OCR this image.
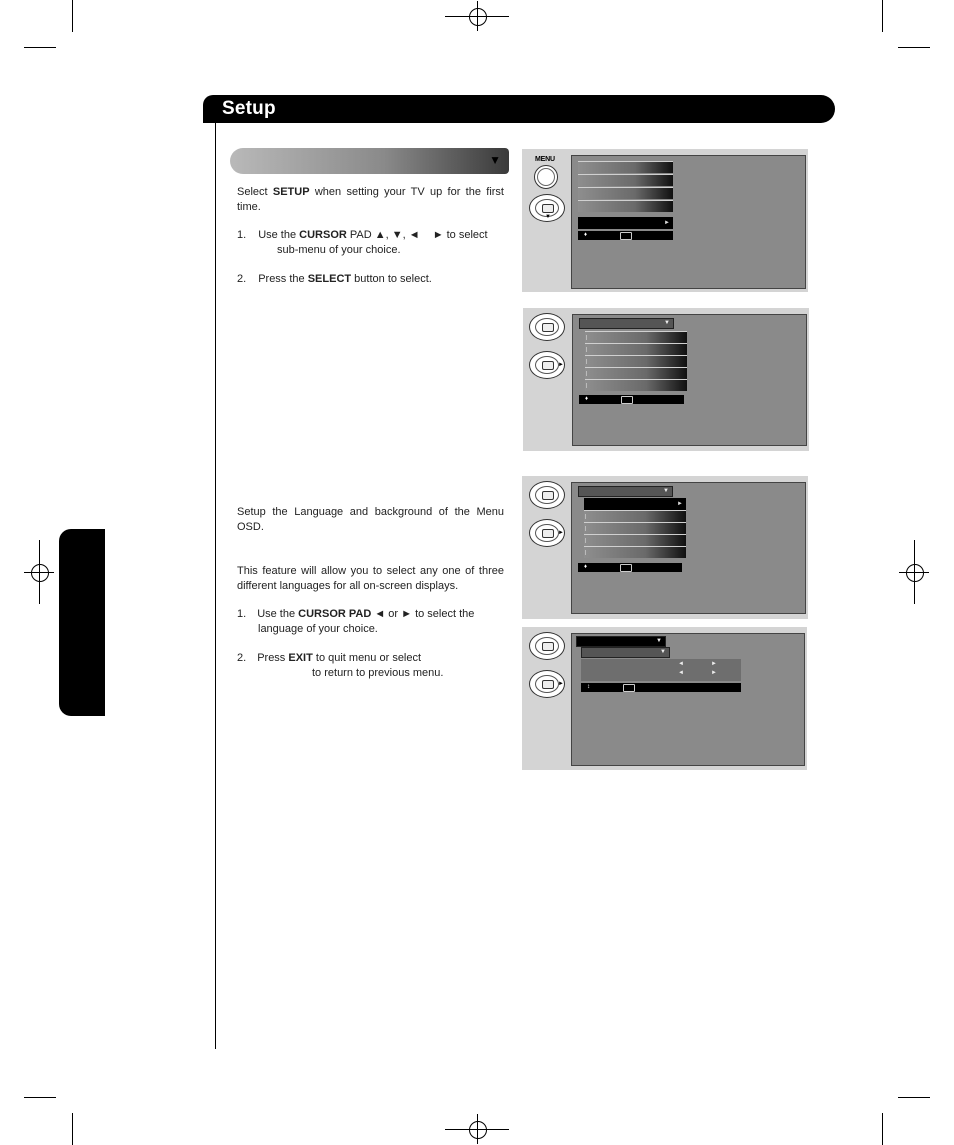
Setup
▼
Select SETUP when setting your TV up for the first time.
1. Use the CURSOR PAD ▲, ▼, ◄ ► to select
sub-menu of your choice.
2. Press the SELECT button to select.
Setup the Language and background of the Menu OSD.
This feature will allow you to select any one of three different languages for all on-screen displays.
1. Use the CURSOR PAD ◄ or ► to select the
language of your choice.
2. Press EXIT to quit menu or select
to return to previous menu.
MENU
▼
►
♦
►
▼
♦
►
▼
►
♦
►
▼
▼
◄	►
◄	►
↕
